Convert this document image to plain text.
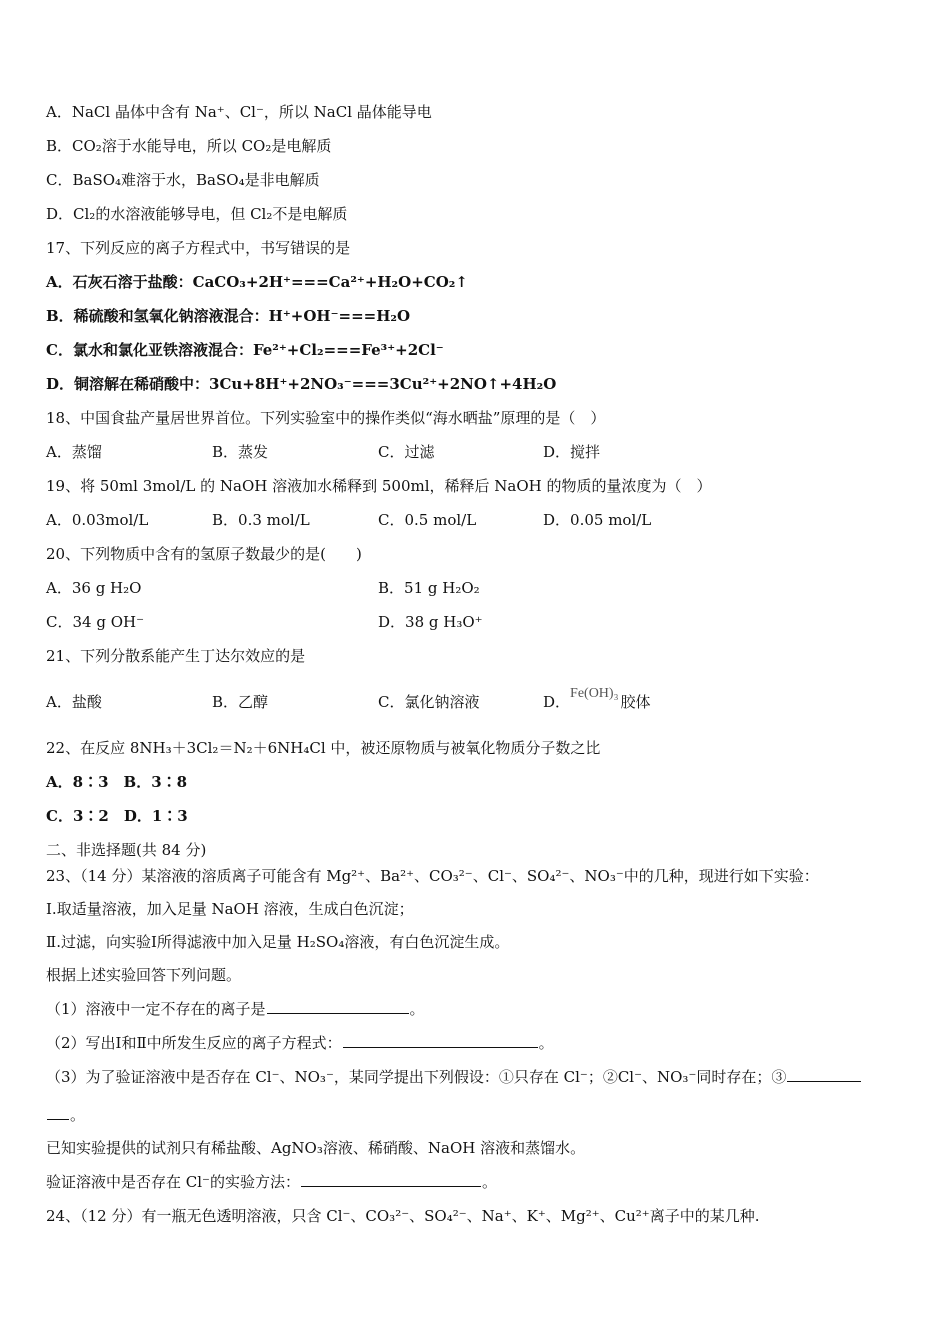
A．NaCl 晶体中含有 Na⁺、Cl⁻，所以 NaCl 晶体能导电
B．CO₂溶于水能导电，所以 CO₂是电解质
C．BaSO₄难溶于水，BaSO₄是非电解质
D．Cl₂的水溶液能够导电，但 Cl₂不是电解质
17、下列反应的离子方程式中，书写错误的是
A．石灰石溶于盐酸：CaCO₃+2H⁺===Ca²⁺+H₂O+CO₂↑
B．稀硫酸和氢氧化钠溶液混合：H⁺+OH⁻===H₂O
C．氯水和氯化亚铁溶液混合：Fe²⁺+Cl₂===Fe³⁺+2Cl⁻
D．铜溶解在稀硝酸中：3Cu+8H⁺+2NO₃⁻===3Cu²⁺+2NO↑+4H₂O
18、中国食盐产量居世界首位。下列实验室中的操作类似“海水晒盐”原理的是（　）
A．蒸馏	B．蒸发	C．过滤	D．搅拌
19、将 50ml 3mol/L 的 NaOH 溶液加水稀释到 500ml，稀释后 NaOH 的物质的量浓度为（　）
A．0.03mol/L	B．0.3 mol/L	C．0.5 mol/L	D．0.05 mol/L
20、下列物质中含有的氢原子数最少的是(　　)
A．36 g H₂O	B．51 g H₂O₂
C．34 g OH⁻	D．38 g H₃O⁺
21、下列分散系能产生丁达尔效应的是
A．盐酸	B．乙醇	C．氯化钠溶液	D．Fe(OH)₃ 胶体
22、在反应 8NH₃＋3Cl₂＝N₂＋6NH₄Cl 中，被还原物质与被氧化物质分子数之比
A．8∶3　B．3∶8
C．3∶2　D．1∶3
二、非选择题(共 84 分)
23、（14 分）某溶液的溶质离子可能含有 Mg²⁺、Ba²⁺、CO₃²⁻、Cl⁻、SO₄²⁻、NO₃⁻中的几种，现进行如下实验：
Ⅰ.取适量溶液，加入足量 NaOH 溶液，生成白色沉淀；
Ⅱ.过滤，向实验Ⅰ所得滤液中加入足量 H₂SO₄溶液，有白色沉淀生成。
根据上述实验回答下列问题。
（1）溶液中一定不存在的离子是	。
（2）写出Ⅰ和Ⅱ中所发生反应的离子方程式：	。
（3）为了验证溶液中是否存在 Cl⁻、NO₃⁻，某同学提出下列假设：①只存在 Cl⁻；②Cl⁻、NO₃⁻同时存在；③
。
已知实验提供的试剂只有稀盐酸、AgNO₃溶液、稀硝酸、NaOH 溶液和蒸馏水。
验证溶液中是否存在 Cl⁻的实验方法：	。
24、（12 分）有一瓶无色透明溶液，只含 Cl⁻、CO₃²⁻、SO₄²⁻、Na⁺、K⁺、Mg²⁺、Cu²⁺离子中的某几种.
